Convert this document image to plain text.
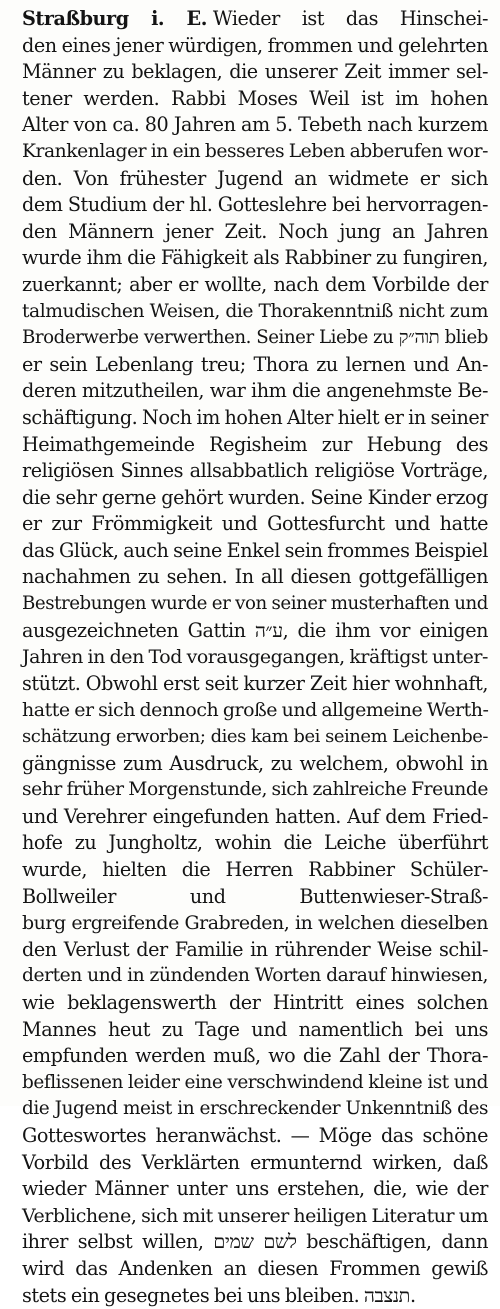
Straßburg i. E. Wieder ist das Hinschei-
den eines jener würdigen, frommen und gelehrten
Männer zu beklagen, die unserer Zeit immer sel-
tener werden. Rabbi Moses Weil ist im hohen
Alter von ca. 80 Jahren am 5. Tebeth nach kurzem
Krankenlager in ein besseres Leben abberufen wor-
den. Von frühester Jugend an widmete er sich
dem Studium der hl. Gotteslehre bei hervorragen-
den Männern jener Zeit. Noch jung an Jahren
wurde ihm die Fähigkeit als Rabbiner zu fungiren,
zuerkannt; aber er wollte, nach dem Vorbilde der
talmudischen Weisen, die Thorakenntniß nicht zum
Broderwerbe verwerthen. Seiner Liebe zu תוה״ק blieb
er sein Lebenlang treu; Thora zu lernen und An-
deren mitzutheilen, war ihm die angenehmste Be-
schäftigung. Noch im hohen Alter hielt er in seiner
Heimathgemeinde Regisheim zur Hebung des
religiösen Sinnes allsabbatlich religiöse Vorträge,
die sehr gerne gehört wurden. Seine Kinder erzog
er zur Frömmigkeit und Gottesfurcht und hatte
das Glück, auch seine Enkel sein frommes Beispiel
nachahmen zu sehen. In all diesen gottgefälligen
Bestrebungen wurde er von seiner musterhaften und
ausgezeichneten Gattin ע״ה, die ihm vor einigen
Jahren in den Tod vorausgegangen, kräftigst unter-
stützt. Obwohl erst seit kurzer Zeit hier wohnhaft,
hatte er sich dennoch große und allgemeine Werth-
schätzung erworben; dies kam bei seinem Leichenbe-
gängnisse zum Ausdruck, zu welchem, obwohl in
sehr früher Morgenstunde, sich zahlreiche Freunde
und Verehrer eingefunden hatten. Auf dem Fried-
hofe zu Jungholtz, wohin die Leiche überführt
wurde, hielten die Herren Rabbiner Schüler-
Bollweiler und Buttenwieser-Straß-
burg ergreifende Grabreden, in welchen dieselben
den Verlust der Familie in rührender Weise schil-
derten und in zündenden Worten darauf hinwiesen,
wie beklagenswerth der Hintritt eines solchen
Mannes heut zu Tage und namentlich bei uns
empfunden werden muß, wo die Zahl der Thora-
beflissenen leider eine verschwindend kleine ist und
die Jugend meist in erschreckender Unkenntniß des
Gotteswortes heranwächst. — Möge das schöne
Vorbild des Verklärten ermunternd wirken, daß
wieder Männer unter uns erstehen, die, wie der
Verblichene, sich mit unserer heiligen Literatur um
ihrer selbst willen, לשם שמים beschäftigen, dann
wird das Andenken an diesen Frommen gewiß
stets ein gesegnetes bei uns bleiben. תנצבה.
